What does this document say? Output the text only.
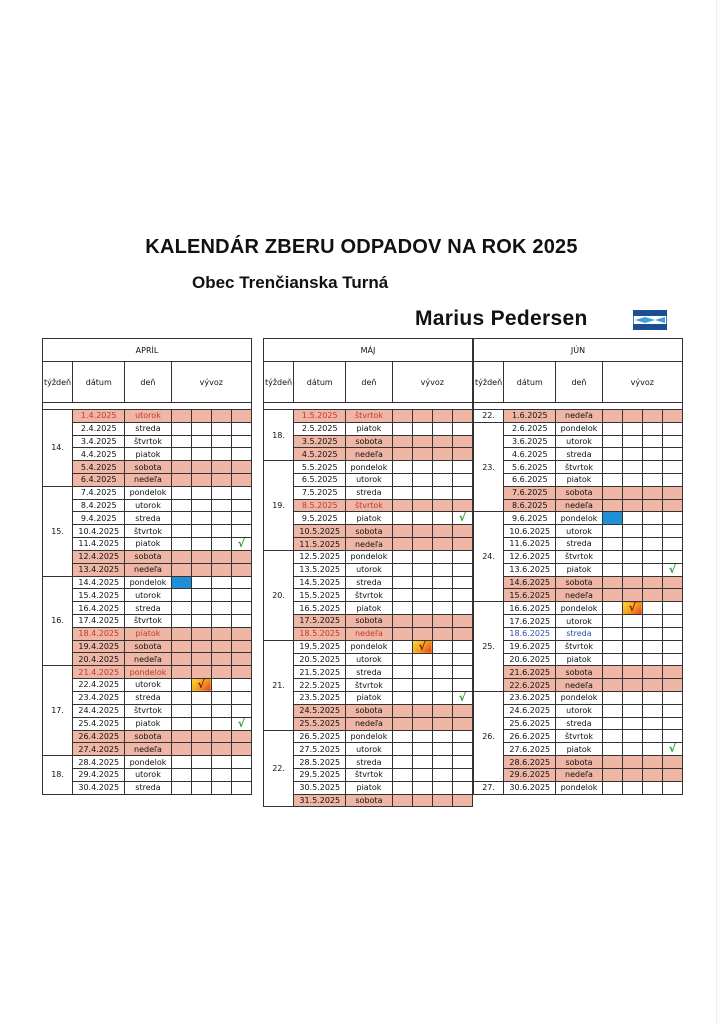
KALENDÁR ZBERU ODPADOV NA ROK 2025
Obec Trenčianska Turná
Marius Pedersen
APRÍL						
týždeň	dátum	deň	vývoz			

14.	1.4.2025	utorok				
	2.4.2025	streda				
	3.4.2025	štvrtok				
	4.4.2025	piatok				
	5.4.2025	sobota				
	6.4.2025	nedeľa				
15.	7.4.2025	pondelok				
	8.4.2025	utorok				
	9.4.2025	streda				
	10.4.2025	štvrtok				
	11.4.2025	piatok				√
	12.4.2025	sobota				
	13.4.2025	nedeľa				
16.	14.4.2025	pondelok				
	15.4.2025	utorok				
	16.4.2025	streda				
	17.4.2025	štvrtok				
	18.4.2025	piatok				
	19.4.2025	sobota				
	20.4.2025	nedeľa				
17.	21.4.2025	pondelok				
	22.4.2025	utorok		√		
	23.4.2025	streda				
	24.4.2025	štvrtok				
	25.4.2025	piatok				√
	26.4.2025	sobota				
	27.4.2025	nedeľa				
18.	28.4.2025	pondelok				
	29.4.2025	utorok				
	30.4.2025	streda				
MÁJ						
týždeň	dátum	deň	vývoz			

18.	1.5.2025	štvrtok				
	2.5.2025	piatok				
	3.5.2025	sobota				
	4.5.2025	nedeľa				
19.	5.5.2025	pondelok				
	6.5.2025	utorok				
	7.5.2025	streda				
	8.5.2025	štvrtok				
	9.5.2025	piatok				√
	10.5.2025	sobota				
	11.5.2025	nedeľa				
20.	12.5.2025	pondelok				
	13.5.2025	utorok				
	14.5.2025	streda				
	15.5.2025	štvrtok				
	16.5.2025	piatok				
	17.5.2025	sobota				
	18.5.2025	nedeľa				
21.	19.5.2025	pondelok		√		
	20.5.2025	utorok				
	21.5.2025	streda				
	22.5.2025	štvrtok				
	23.5.2025	piatok				√
	24.5.2025	sobota				
	25.5.2025	nedeľa				
22.	26.5.2025	pondelok				
	27.5.2025	utorok				
	28.5.2025	streda				
	29.5.2025	štvrtok				
	30.5.2025	piatok				
	31.5.2025	sobota				
JÚN						
týždeň	dátum	deň	vývoz			

22.	1.6.2025	nedeľa				
23.	2.6.2025	pondelok				
	3.6.2025	utorok				
	4.6.2025	streda				
	5.6.2025	štvrtok				
	6.6.2025	piatok				
	7.6.2025	sobota				
	8.6.2025	nedeľa				
24.	9.6.2025	pondelok				
	10.6.2025	utorok				
	11.6.2025	streda				
	12.6.2025	štvrtok				
	13.6.2025	piatok				√
	14.6.2025	sobota				
	15.6.2025	nedeľa				
25.	16.6.2025	pondelok		√		
	17.6.2025	utorok				
	18.6.2025	streda				
	19.6.2025	štvrtok				
	20.6.2025	piatok				
	21.6.2025	sobota				
	22.6.2025	nedeľa				
26.	23.6.2025	pondelok				
	24.6.2025	utorok				
	25.6.2025	streda				
	26.6.2025	štvrtok				
	27.6.2025	piatok				√
	28.6.2025	sobota				
	29.6.2025	nedeľa				
27.	30.6.2025	pondelok				
